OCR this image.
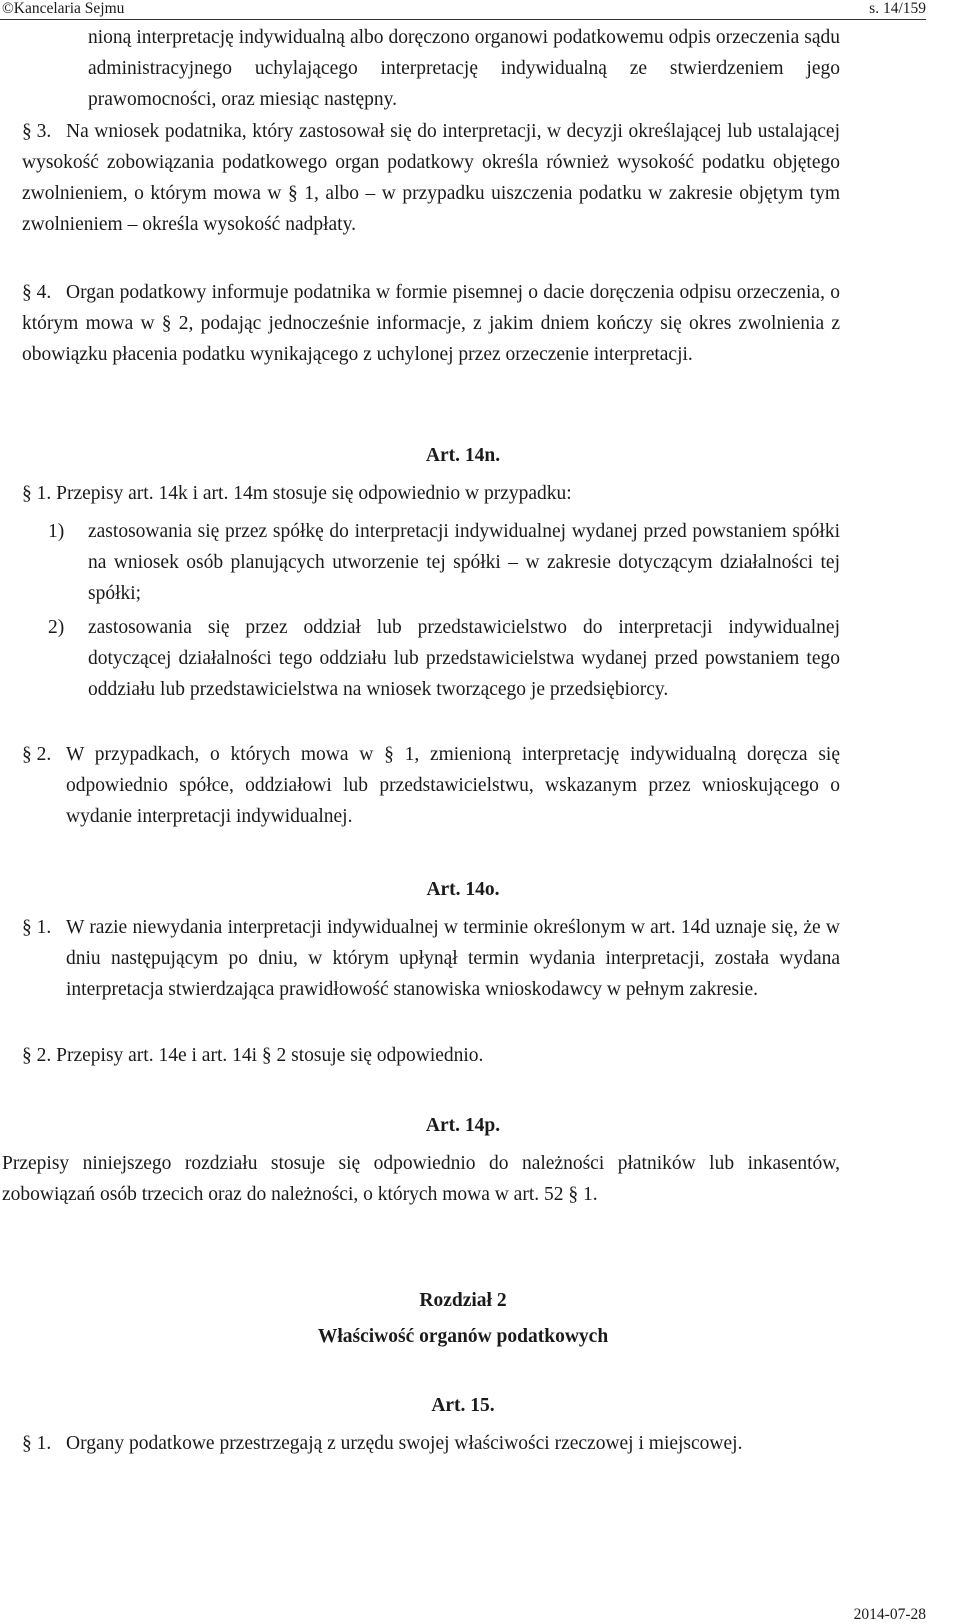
©Kancelaria Sejmu	s. 14/159

nioną interpretację indywidualną albo doręczono organowi podatkowemu odpis orzeczenia sądu administracyjnego uchylającego interpretację indywidualną ze stwierdzeniem jego prawomocności, oraz miesiąc następny.

§ 3. Na wniosek podatnika, który zastosował się do interpretacji, w decyzji określającej lub ustalającej wysokość zobowiązania podatkowego organ podatkowy określa również wysokość podatku objętego zwolnieniem, o którym mowa w § 1, albo – w przypadku uiszczenia podatku w zakresie objętym tym zwolnieniem – określa wysokość nadpłaty.

§ 4. Organ podatkowy informuje podatnika w formie pisemnej o dacie doręczenia odpisu orzeczenia, o którym mowa w § 2, podając jednocześnie informacje, z jakim dniem kończy się okres zwolnienia z obowiązku płacenia podatku wynikającego z uchylonej przez orzeczenie interpretacji.

Art. 14n.

§ 1. Przepisy art. 14k i art. 14m stosuje się odpowiednio w przypadku:

1) zastosowania się przez spółkę do interpretacji indywidualnej wydanej przed powstaniem spółki na wniosek osób planujących utworzenie tej spółki – w zakresie dotyczącym działalności tej spółki;

2) zastosowania się przez oddział lub przedstawicielstwo do interpretacji indywidualnej dotyczącej działalności tego oddziału lub przedstawicielstwa wydanej przed powstaniem tego oddziału lub przedstawicielstwa na wniosek tworzącego je przedsiębiorcy.

§ 2. W przypadkach, o których mowa w § 1, zmienioną interpretację indywidualną doręcza się odpowiednio spółce, oddziałowi lub przedstawicielstwu, wskazanym przez wnioskującego o wydanie interpretacji indywidualnej.

Art. 14o.
§ 1. W razie niewydania interpretacji indywidualnej w terminie określonym w art. 14d uznaje się, że w dniu następującym po dniu, w którym upłynął termin wydania interpretacji, została wydana interpretacja stwierdzająca prawidłowość stanowiska wnioskodawcy w pełnym zakresie.

§ 2. Przepisy art. 14e i art. 14i § 2 stosuje się odpowiednio.

Art. 14p.

Przepisy niniejszego rozdziału stosuje się odpowiednio do należności płatników lub inkasentów, zobowiązań osób trzecich oraz do należności, o których mowa w art. 52 § 1.

Rozdział 2
Właściwość organów podatkowych
Art. 15.
§ 1. Organy podatkowe przestrzegają z urzędu swojej właściwości rzeczowej i miejscowej.

2014-07-28
